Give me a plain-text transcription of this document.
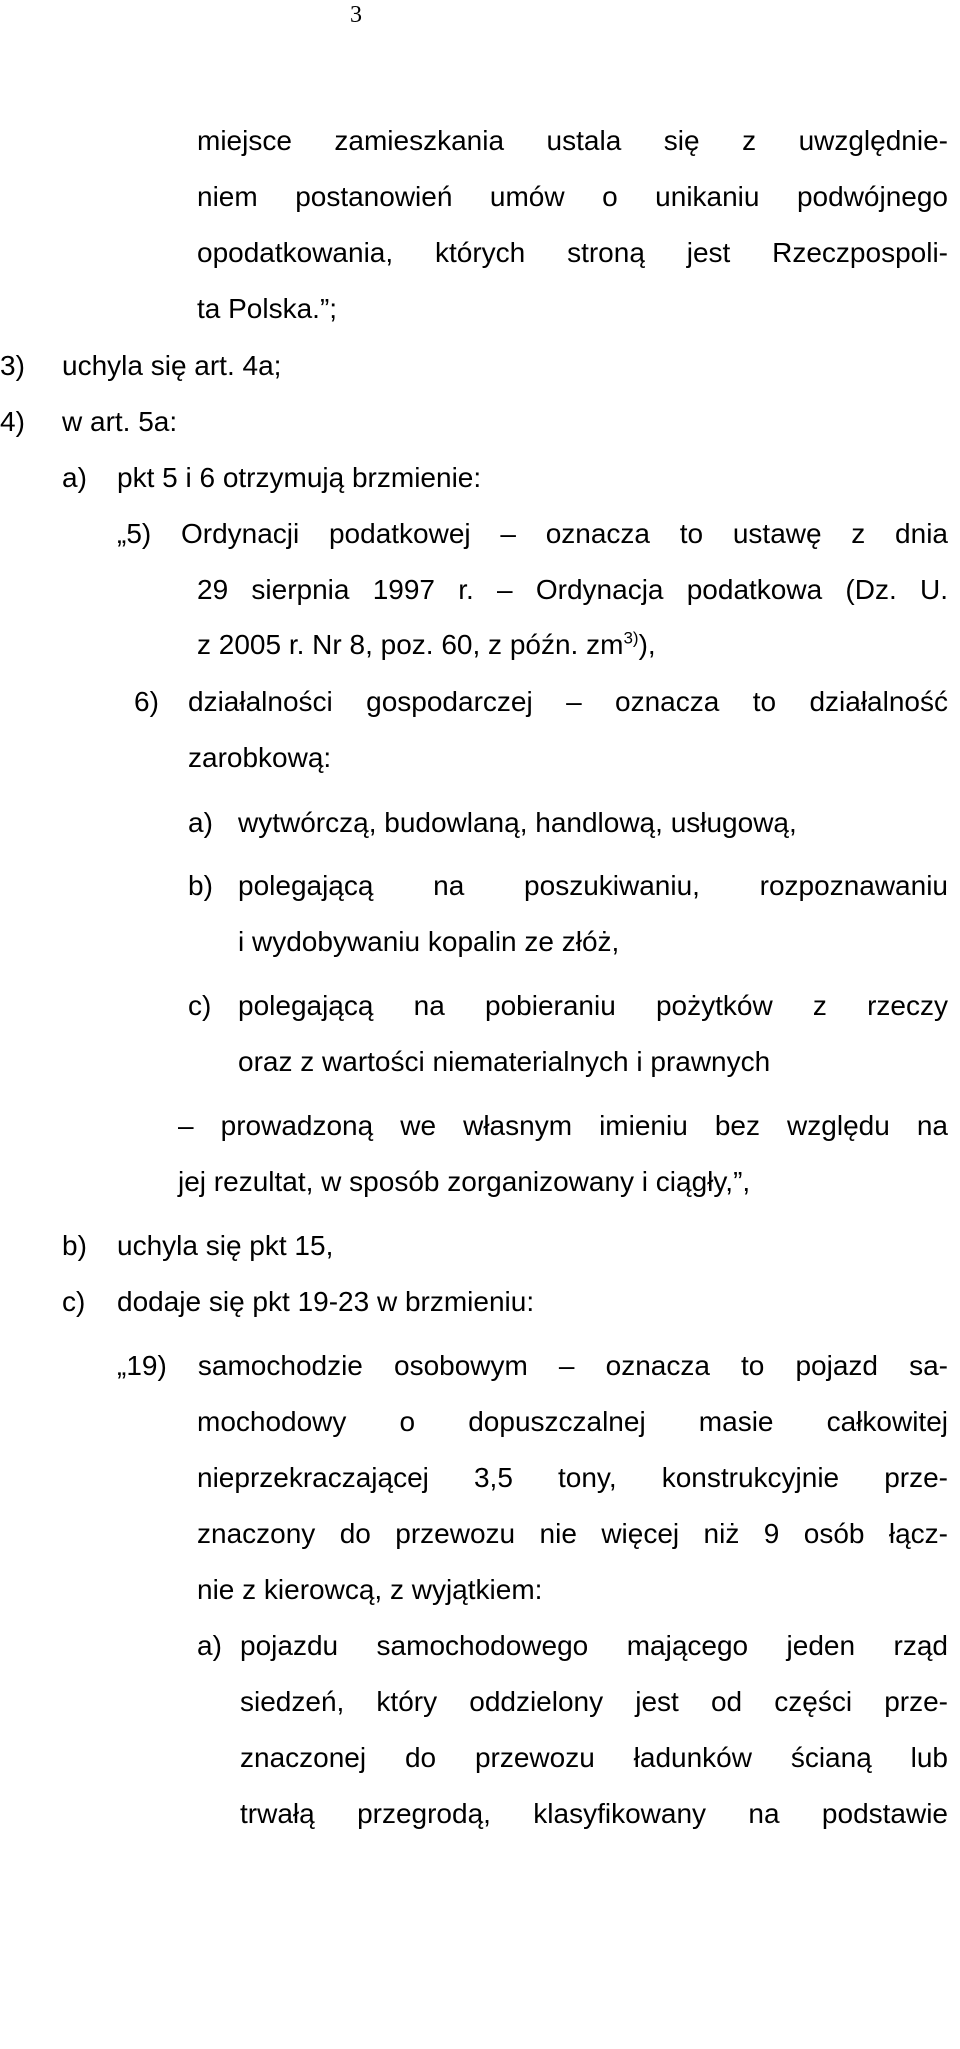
3
miejsce zamieszkania ustala się z uwzględnie-
niem postanowień umów o unikaniu podwójnego
opodatkowania, których stroną jest Rzeczpospoli-
ta Polska.”;
3) uchyla się art. 4a;
4) w art. 5a:
a) pkt 5 i 6 otrzymują brzmienie:
„5) Ordynacji podatkowej – oznacza to ustawę z dnia
29 sierpnia 1997 r. – Ordynacja podatkowa (Dz. U.
z 2005 r. Nr 8, poz. 60, z późn. $zm^{3)}$),
6) działalności gospodarczej – oznacza to działalność
zarobkową:
a) wytwórczą, budowlaną, handlową, usługową,
b) polegającą na poszukiwaniu, rozpoznawaniu
i wydobywaniu kopalin ze złóż,
c) polegającą na pobieraniu pożytków z rzeczy
oraz z wartości niematerialnych i prawnych
– prowadzoną we własnym imieniu bez względu na
jej rezultat, w sposób zorganizowany i ciągły,”,
b) uchyla się pkt 15,
c) dodaje się pkt 19-23 w brzmieniu:
„19) samochodzie osobowym – oznacza to pojazd sa-
mochodowy o dopuszczalnej masie całkowitej
nieprzekraczającej 3,5 tony, konstrukcyjnie prze-
znaczony do przewozu nie więcej niż 9 osób łącz-
nie z kierowcą, z wyjątkiem:
a) pojazdu samochodowego mającego jeden rząd
siedzeń, który oddzielony jest od części prze-
znaczonej do przewozu ładunków ścianą lub
trwałą przegrodą, klasyfikowany na podstawie
